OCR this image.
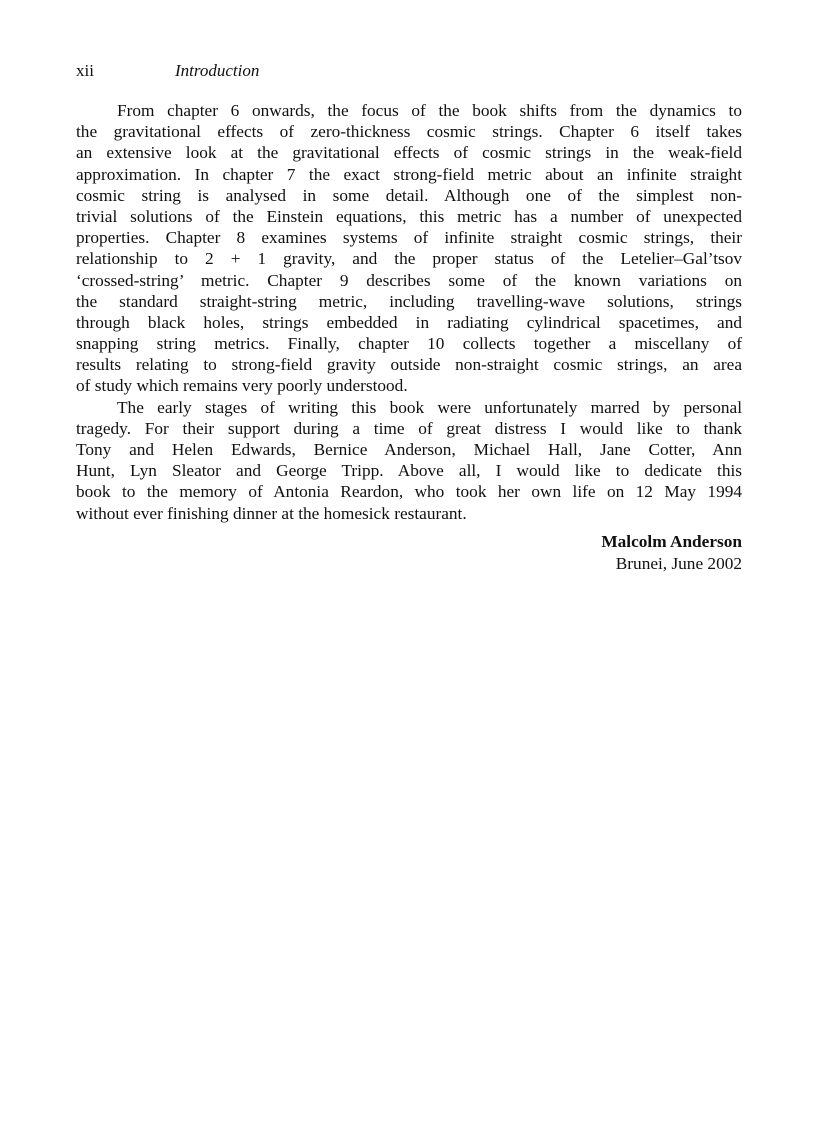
xii	Introduction
From chapter 6 onwards, the focus of the book shifts from the dynamics to
the gravitational effects of zero-thickness cosmic strings. Chapter 6 itself takes
an extensive look at the gravitational effects of cosmic strings in the weak-field
approximation. In chapter 7 the exact strong-field metric about an infinite straight
cosmic string is analysed in some detail. Although one of the simplest non-
trivial solutions of the Einstein equations, this metric has a number of unexpected
properties. Chapter 8 examines systems of infinite straight cosmic strings, their
relationship to 2 + 1 gravity, and the proper status of the Letelier–Gal’tsov
‘crossed-string’ metric. Chapter 9 describes some of the known variations on
the standard straight-string metric, including travelling-wave solutions, strings
through black holes, strings embedded in radiating cylindrical spacetimes, and
snapping string metrics. Finally, chapter 10 collects together a miscellany of
results relating to strong-field gravity outside non-straight cosmic strings, an area
of study which remains very poorly understood.
The early stages of writing this book were unfortunately marred by personal
tragedy. For their support during a time of great distress I would like to thank
Tony and Helen Edwards, Bernice Anderson, Michael Hall, Jane Cotter, Ann
Hunt, Lyn Sleator and George Tripp. Above all, I would like to dedicate this
book to the memory of Antonia Reardon, who took her own life on 12 May 1994
without ever finishing dinner at the homesick restaurant.
Malcolm Anderson
Brunei, June 2002
